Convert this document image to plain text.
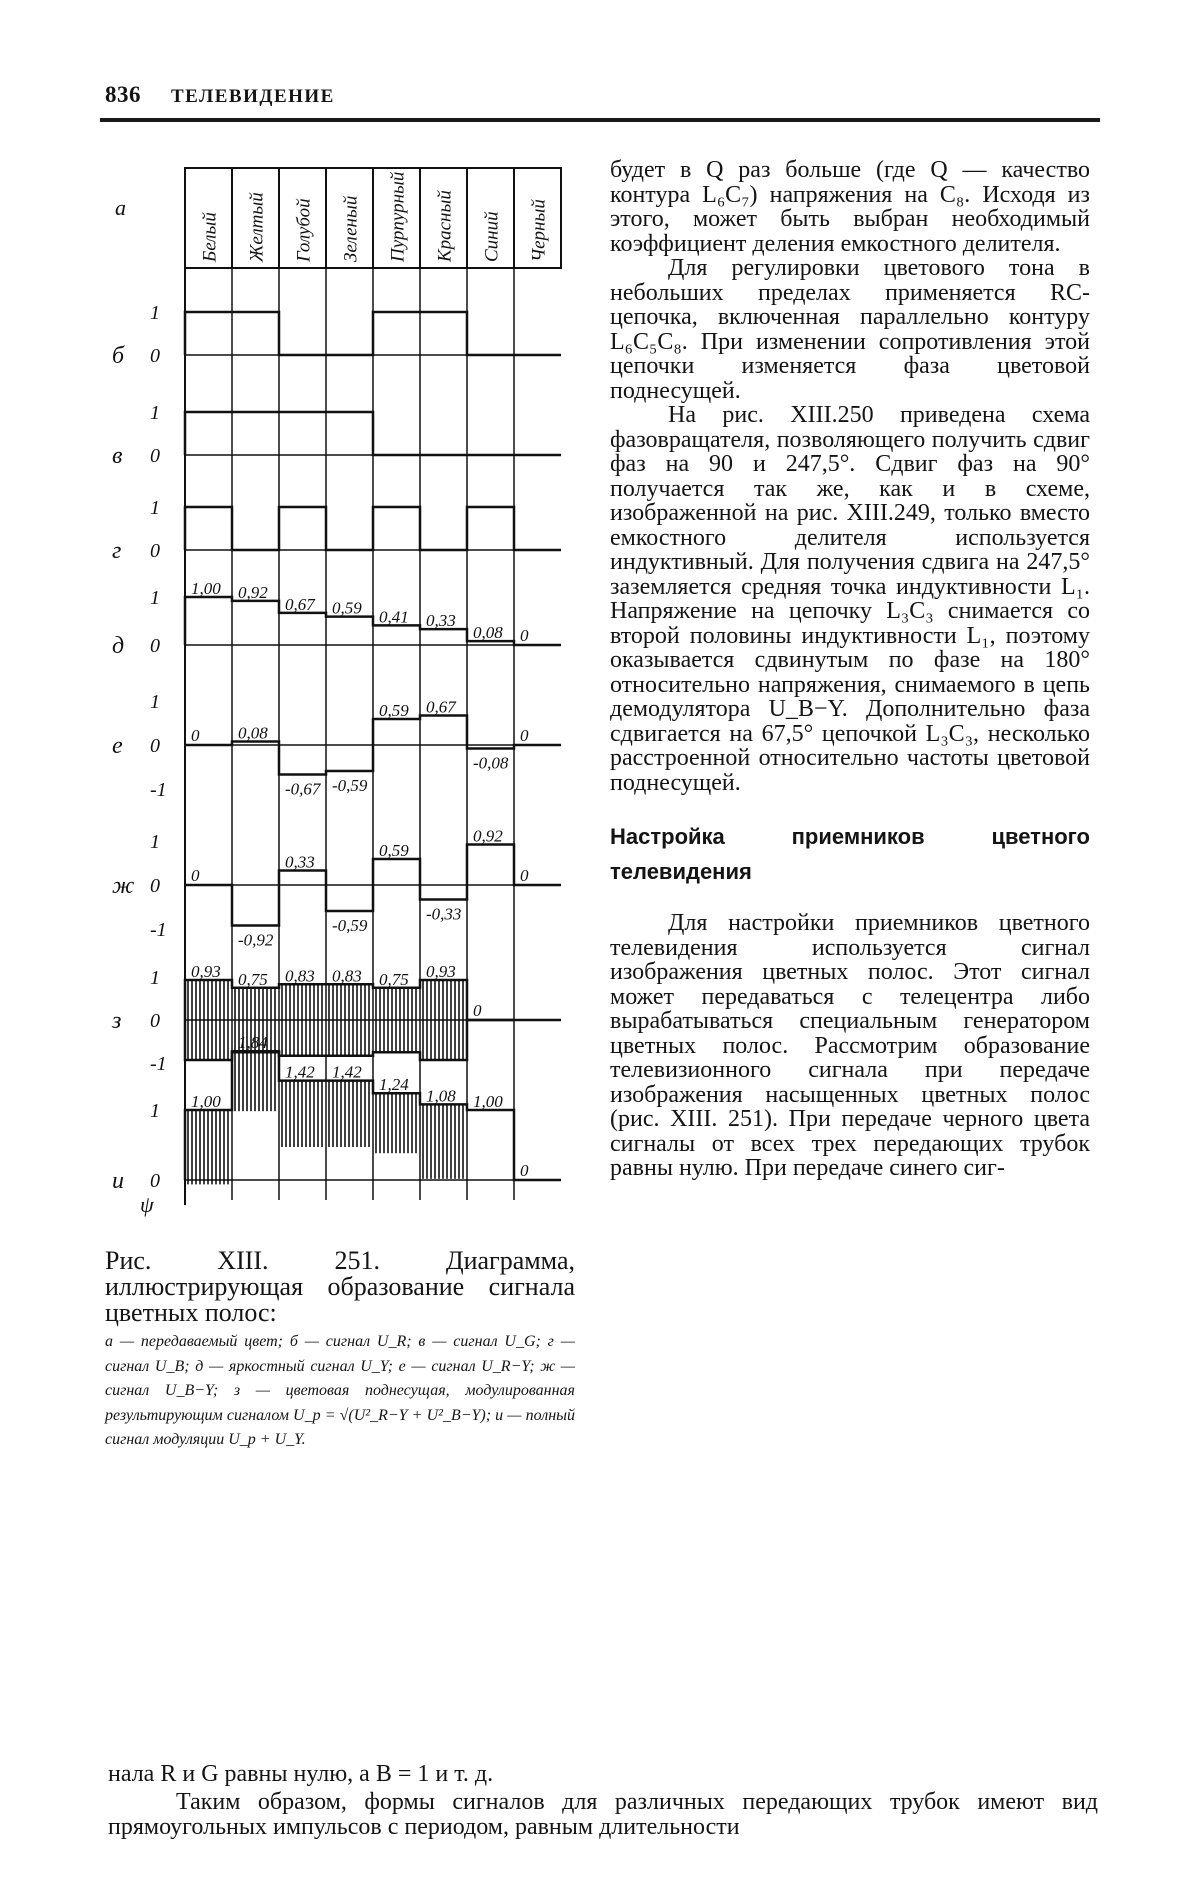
836 ТЕЛЕВИДЕНИЕ
Белый Желтый Голубой Зеленый Пурпурный Красный Синий Черный
а
б
1
0
в
1
0
г
1
0
д
1
0
1,00 0,92
0,67 0,59 0,41 0,33
0,08 0
е
1
0
-1
0 0,08
-0,67 -0,59
0,59 0,67
-0,08
0
ж
1
0
-1
0
-0,92
0,33
-0,59
0,59
-0,33
0,92
0
з
1
0
-1
0,93 0,75 0,83 0,83 0,75 0,93
0
и
1
0
1,00
1,84
1,42 1,42
1,24
1,08 1,00
0
ψ
Рис. XIII. 251. Диаграмма, иллюстрирующая образование сигнала цветных полос:
а — передаваемый цвет; б — сигнал U_R; в — сигнал U_G; г — сигнал U_B; д — яркостный сигнал U_Y; е — сигнал U_R−Y; ж — сигнал U_B−Y; з — цветовая поднесущая, модулированная результирующим сигналом U_p = √(U²_R−Y + U²_B−Y); и — полный сигнал модуляции U_p + U_Y.

будет в Q раз больше (где Q — качество контура L₆C₇) напряжения на C₈. Исходя из этого, может быть выбран необходимый коэффициент деления емкостного делителя.

Для регулировки цветового тона в небольших пределах применяется RC-цепочка, включенная параллельно контуру L₆C₅C₈. При изменении сопротивления этой цепочки изменяется фаза цветовой поднесущей.

На рис. XIII.250 приведена схема фазовращателя, позволяющего получить сдвиг фаз на 90 и 247,5°. Сдвиг фаз на 90° получается так же, как и в схеме, изображенной на рис. XIII.249, только вместо емкостного делителя используется индуктивный. Для получения сдвига на 247,5° заземляется средняя точка индуктивности L₁. Напряжение на цепочку L₃C₃ снимается со второй половины индуктивности L₁, поэтому оказывается сдвинутым по фазе на 180° относительно напряжения, снимаемого в цепь демодулятора U_B−Y. Дополнительно фаза сдвигается на 67,5° цепочкой L₃C₃, несколько расстроенной относительно частоты цветовой поднесущей.

Настройка приемников цветного телевидения

Для настройки приемников цветного телевидения используется сигнал изображения цветных полос. Этот сигнал может передаваться с телецентра либо вырабатываться специальным генератором цветных полос. Рассмотрим образование телевизионного сигнала при передаче изображения насыщенных цветных полос (рис. XIII. 251). При передаче черного цвета сигналы от всех трех передающих трубок равны нулю. При передаче синего сиг-

нала R и G равны нулю, а B = 1 и т. д.
Таким образом, формы сигналов для различных передающих трубок имеют вид прямоугольных импульсов с периодом, равным длительности
